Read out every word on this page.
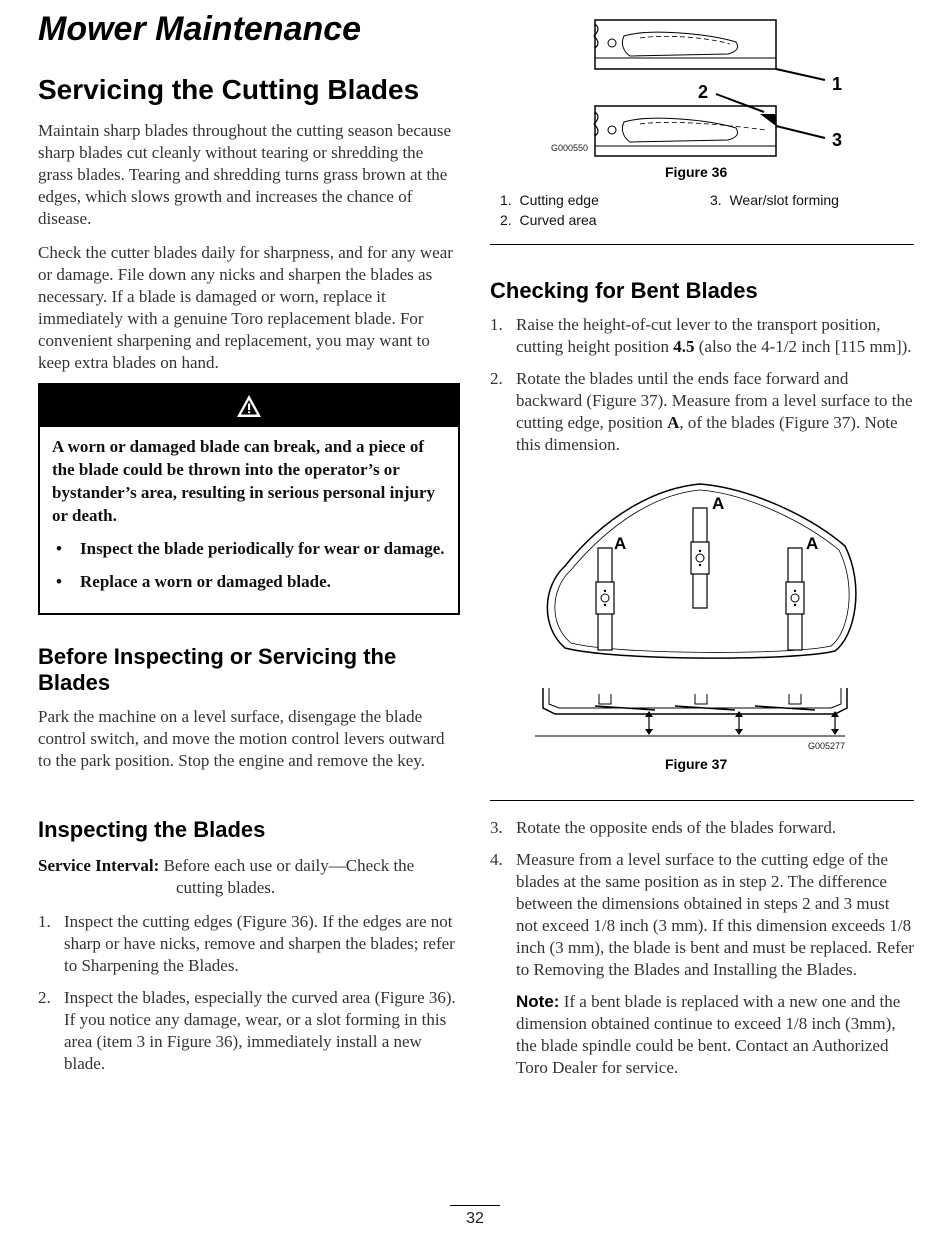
Mower Maintenance
Servicing the Cutting Blades

Maintain sharp blades throughout the cutting season because sharp blades cut cleanly without tearing or shredding the grass blades. Tearing and shredding turns grass brown at the edges, which slows growth and increases the chance of disease.

Check the cutter blades daily for sharpness, and for any wear or damage. File down any nicks and sharpen the blades as necessary. If a blade is damaged or worn, replace it immediately with a genuine Toro replacement blade. For convenient sharpening and replacement, you may want to keep extra blades on hand.

A worn or damaged blade can break, and a piece of the blade could be thrown into the operator’s or bystander’s area, resulting in serious personal injury or death.
• Inspect the blade periodically for wear or damage.
• Replace a worn or damaged blade.
Before Inspecting or Servicing the
Blades

Park the machine on a level surface, disengage the blade control switch, and move the motion control levers outward to the park position. Stop the engine and remove the key.

Inspecting the Blades
Service Interval: Before each use or daily—Check the
cutting blades.
1. Inspect the cutting edges (Figure 36). If the edges are not sharp or have nicks, remove and sharpen the blades; refer to Sharpening the Blades.
2. Inspect the blades, especially the curved area (Figure 36). If you notice any damage, wear, or a slot forming in this area (item 3 in Figure 36), immediately install a new blade.
2	1
3
G000550
Figure 36
1. Cutting edge
2. Curved area
3. Wear/slot forming
Checking for Bent Blades
1. Raise the height-of-cut lever to the transport position, cutting height position 4.5 (also the 4-1/2 inch [115 mm]).
2. Rotate the blades until the ends face forward and backward (Figure 37). Measure from a level surface to the cutting edge, position A, of the blades (Figure 37). Note this dimension.
A
A	A
G005277
Figure 37
3. Rotate the opposite ends of the blades forward.
4. Measure from a level surface to the cutting edge of the blades at the same position as in step 2. The difference between the dimensions obtained in steps 2 and 3 must not exceed 1/8 inch (3 mm). If this dimension exceeds 1/8 inch (3 mm), the blade is bent and must be replaced. Refer to Removing the Blades and Installing the Blades.

Note: If a bent blade is replaced with a new one and the dimension obtained continue to exceed 1/8 inch (3mm), the blade spindle could be bent. Contact an Authorized Toro Dealer for service.

32
